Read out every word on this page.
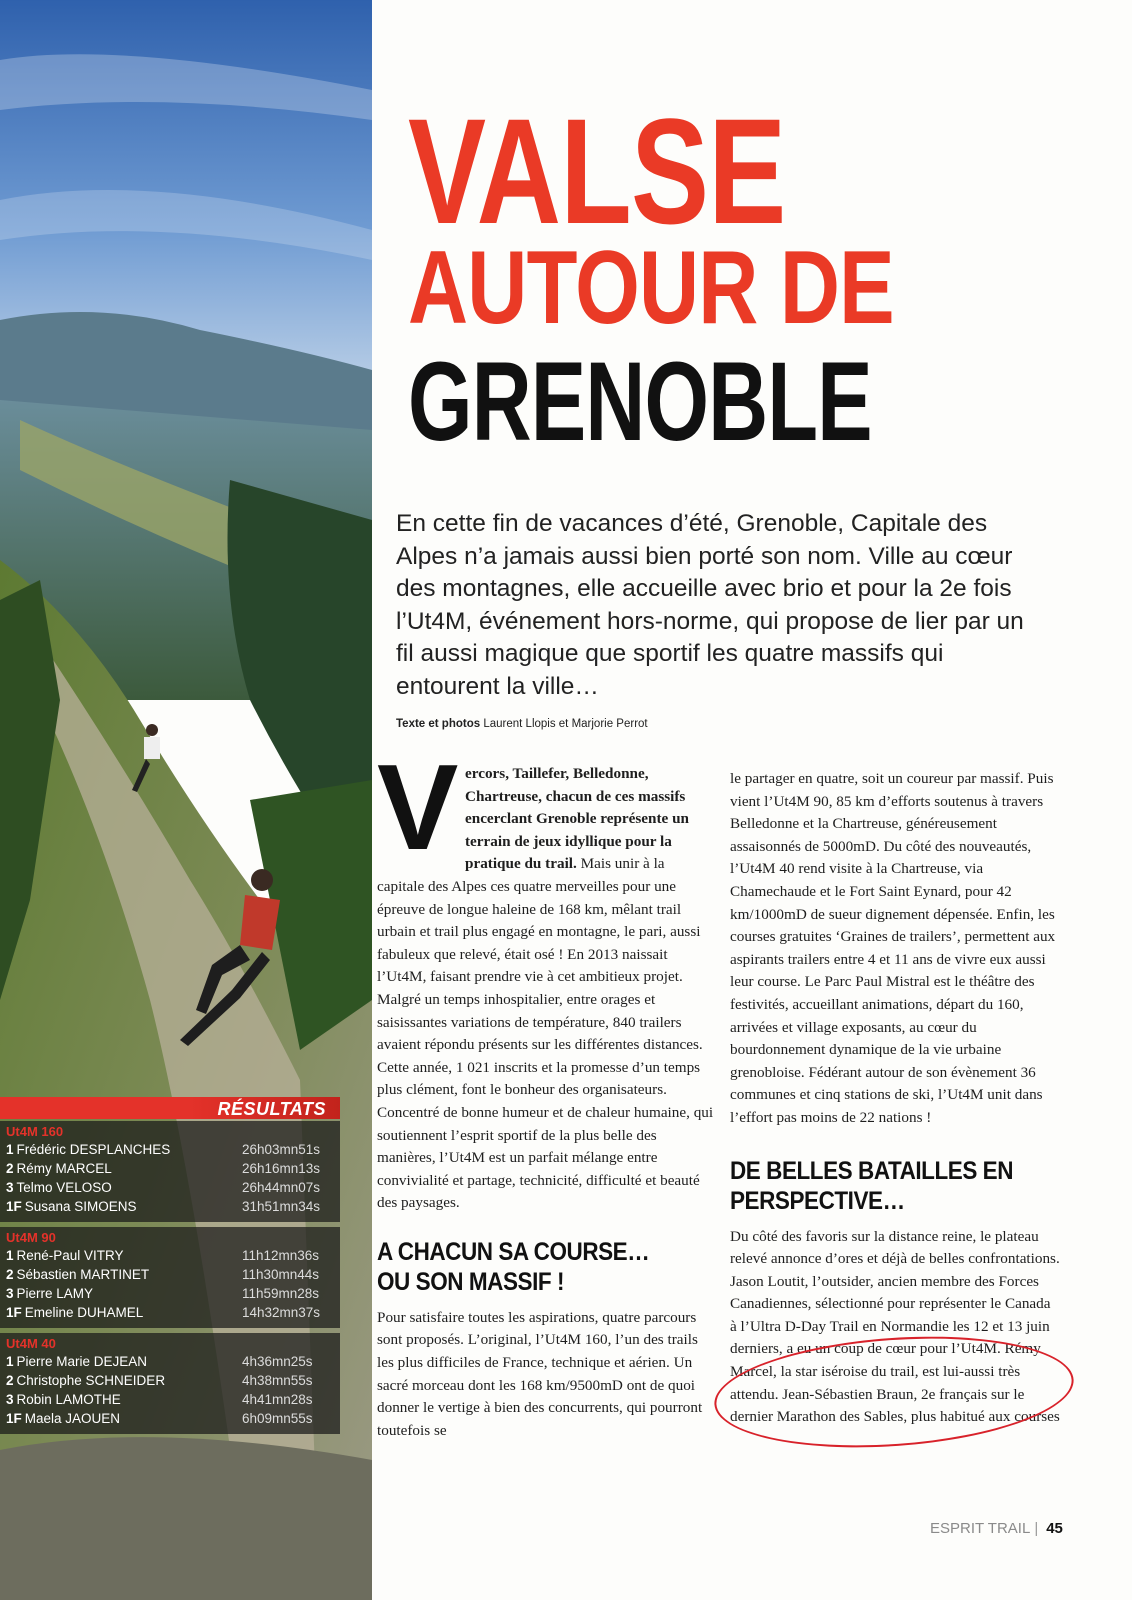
RÉSULTATS
Ut4M 160
1 Frédéric DESPLANCHES	26h03mn51s
2 Rémy MARCEL	26h16mn13s
3 Telmo VELOSO	26h44mn07s
1F Susana SIMOENS	31h51mn34s
Ut4M 90
1 René-Paul VITRY	11h12mn36s
2 Sébastien MARTINET	11h30mn44s
3 Pierre LAMY	11h59mn28s
1F Emeline DUHAMEL	14h32mn37s
Ut4M 40
1 Pierre Marie DEJEAN	4h36mn25s
2 Christophe SCHNEIDER	4h38mn55s
3 Robin LAMOTHE	4h41mn28s
1F Maela JAOUEN	6h09mn55s
VALSE
AUTOUR DE
GRENOBLE

En cette fin de vacances d’été, Grenoble, Capitale des Alpes n’a jamais aussi bien porté son nom. Ville au cœur des montagnes, elle accueille avec brio et pour la 2e fois l’Ut4M, événement hors-norme, qui propose de lier par un fil aussi magique que sportif les quatre massifs qui entourent la ville…

Texte et photos Laurent Llopis et Marjorie Perrot

V ercors, Taillefer, Belledonne, Chartreuse, chacun de ces massifs encerclant Grenoble représente un terrain de jeux idyllique pour la pratique du trail. Mais unir à la capitale des Alpes ces quatre merveilles pour une épreuve de longue haleine de 168 km, mêlant trail urbain et trail plus engagé en montagne, le pari, aussi fabuleux que relevé, était osé ! En 2013 naissait l’Ut4M, faisant prendre vie à cet ambitieux projet. Malgré un temps inhospitalier, entre orages et saisissantes variations de température, 840 trailers avaient répondu présents sur les différentes distances. Cette année, 1 021 inscrits et la promesse d’un temps plus clément, font le bonheur des organisateurs. Concentré de bonne humeur et de chaleur humaine, qui soutiennent l’esprit sportif de la plus belle des manières, l’Ut4M est un parfait mélange entre convivialité et partage, technicité, difficulté et beauté des paysages.

A CHACUN SA COURSE… OU SON MASSIF !

Pour satisfaire toutes les aspirations, quatre parcours sont proposés. L’original, l’Ut4M 160, l’un des trails les plus difficiles de France, technique et aérien. Un sacré morceau dont les 168 km/9500mD ont de quoi donner le vertige à bien des concurrents, qui pourront toutefois se

le partager en quatre, soit un coureur par massif. Puis vient l’Ut4M 90, 85 km d’efforts soutenus à travers Belledonne et la Chartreuse, généreusement assaisonnés de 5000mD. Du côté des nouveautés, l’Ut4M 40 rend visite à la Chartreuse, via Chamechaude et le Fort Saint Eynard, pour 42 km/1000mD de sueur dignement dépensée. Enfin, les courses gratuites ‘Graines de trailers’, permettent aux aspirants trailers entre 4 et 11 ans de vivre eux aussi leur course. Le Parc Paul Mistral est le théâtre des festivités, accueillant animations, départ du 160, arrivées et village exposants, au cœur du bourdonnement dynamique de la vie urbaine grenobloise. Fédérant autour de son évènement 36 communes et cinq stations de ski, l’Ut4M unit dans l’effort pas moins de 22 nations !

DE BELLES BATAILLES EN PERSPECTIVE…

Du côté des favoris sur la distance reine, le plateau relevé annonce d’ores et déjà de belles confrontations. Jason Loutit, l’outsider, ancien membre des Forces Canadiennes, sélectionné pour représenter le Canada à l’Ultra D-Day Trail en Normandie les 12 et 13 juin derniers, a eu un coup de cœur pour l’Ut4M. Rémy Marcel, la star iséroise du trail, est lui-aussi très attendu. Jean-Sébastien Braun, 2e français sur le dernier Marathon des Sables, plus habitué aux courses

ESPRIT TRAIL | 45
